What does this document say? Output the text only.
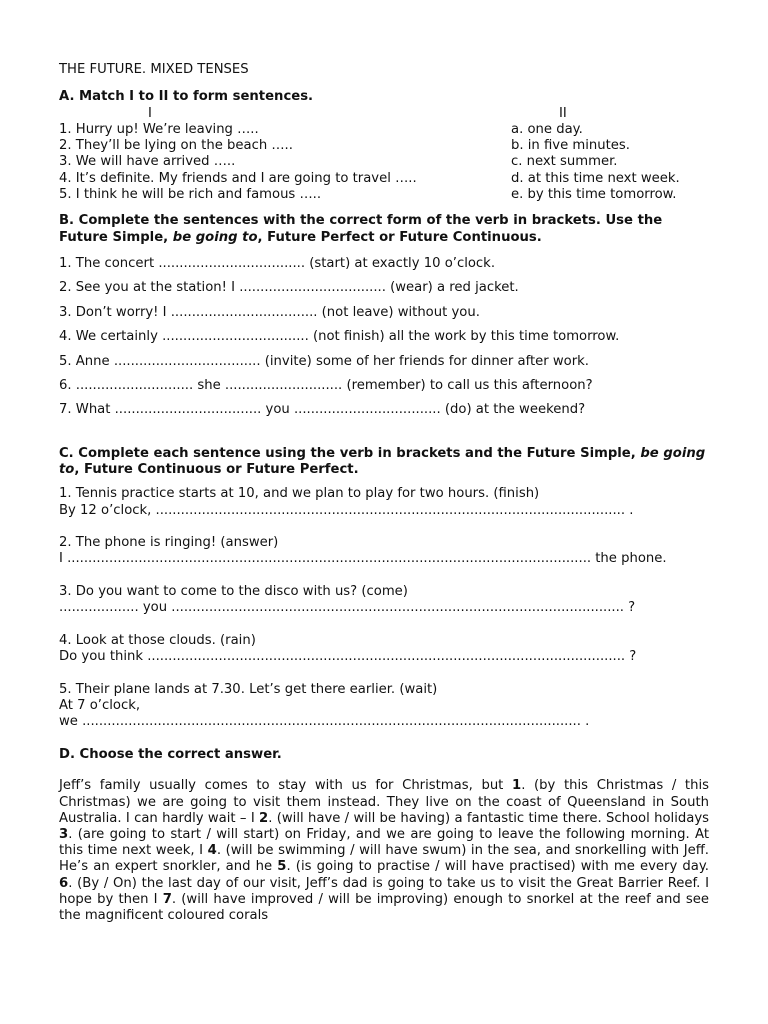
THE FUTURE. MIXED TENSES

A. Match I to II to form sentences.

I	II
1. Hurry up! We’re leaving …..	a. one day.
2. They’ll be lying on the beach …..	b. in five minutes.
3. We will have arrived …..	c. next summer.
4. It’s definite. My friends and I are going to travel …..	d. at this time next week.
5. I think he will be rich and famous …..	e. by this time tomorrow.

B. Complete the sentences with the correct form of the verb in brackets. Use the Future Simple, be going to, Future Perfect or Future Continuous.

1. The concert ................................... (start) at exactly 10 o’clock.
2. See you at the station! I ................................... (wear) a red jacket.
3. Don’t worry! I ................................... (not leave) without you.
4. We certainly ................................... (not finish) all the work by this time tomorrow.
5. Anne ................................... (invite) some of her friends for dinner after work.
6. ............................ she ............................ (remember) to call us this afternoon?
7. What ................................... you ................................... (do) at the weekend?

C. Complete each sentence using the verb in brackets and the Future Simple, be going to, Future Continuous or Future Perfect.

1. Tennis practice starts at 10, and we plan to play for two hours. (finish)
By 12 o’clock, ................................................................................................................ .
2. The phone is ringing! (answer)
I ............................................................................................................................. the phone.
3. Do you want to come to the disco with us? (come)
................... you ............................................................................................................ ?
4. Look at those clouds. (rain)
Do you think .................................................................................................................. ?
5. Their plane lands at 7.30. Let’s get there earlier. (wait)
At 7 o’clock,
we ....................................................................................................................... .

D. Choose the correct answer.

Jeff’s family usually comes to stay with us for Christmas, but 1. (by this Christmas / this Christmas) we are going to visit them instead. They live on the coast of Queensland in South Australia. I can hardly wait – I 2. (will have / will be having) a fantastic time there. School holidays 3. (are going to start / will start) on Friday, and we are going to leave the following morning. At this time next week, I 4. (will be swimming / will have swum) in the sea, and snorkelling with Jeff. He’s an expert snorkler, and he 5. (is going to practise / will have practised) with me every day. 6. (By / On) the last day of our visit, Jeff’s dad is going to take us to visit the Great Barrier Reef. I hope by then I 7. (will have improved / will be improving) enough to snorkel at the reef and see the magnificent coloured corals
